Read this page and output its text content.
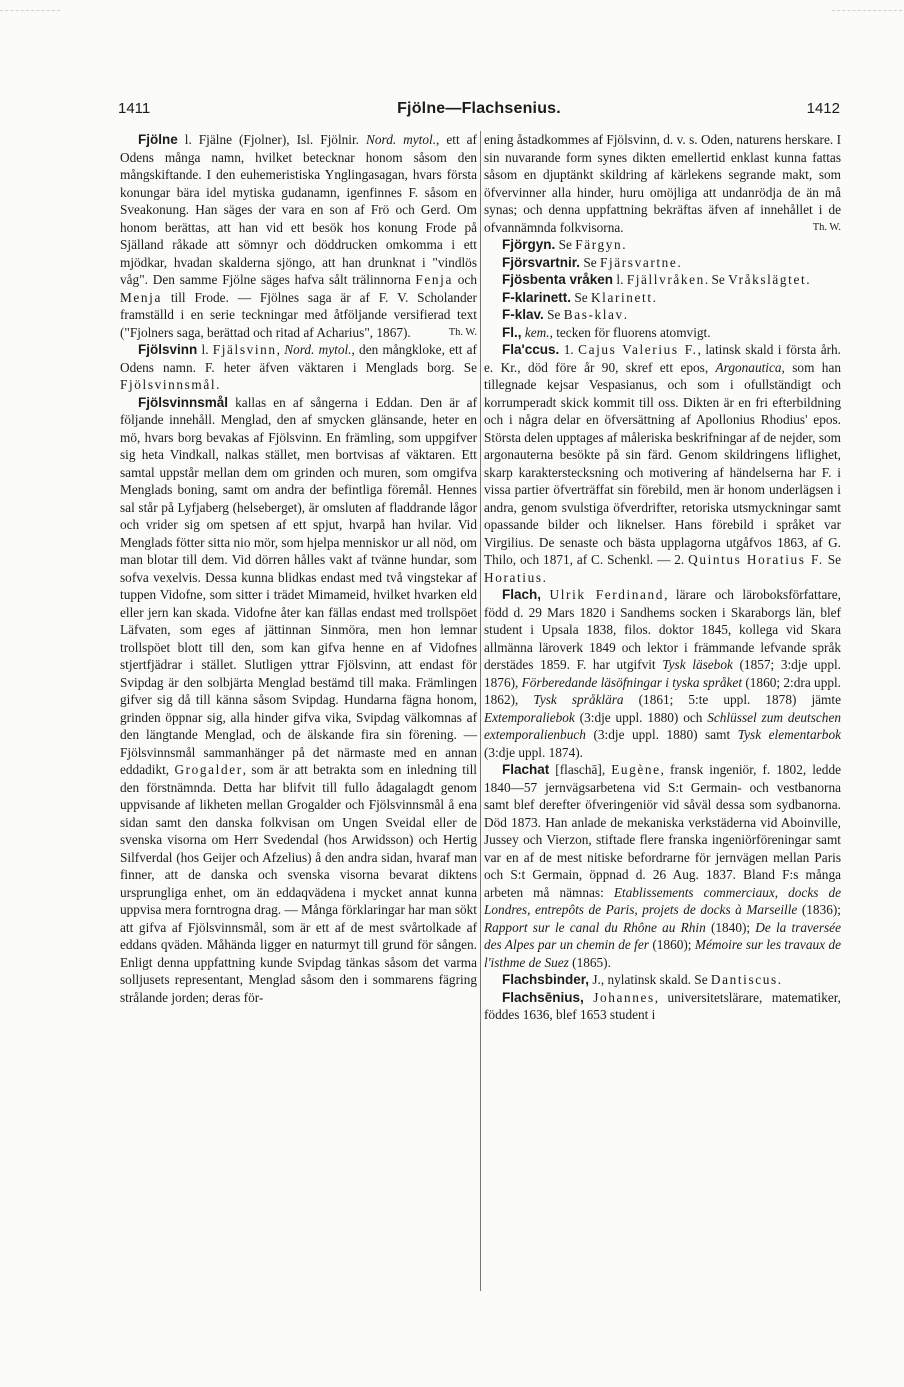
1411	Fjölne—Flachsenius.	1412

Fjölne l. Fjälne (Fjolner), Isl. Fjölnir. Nord. mytol., ett af Odens många namn, hvilket betecknar honom såsom den mångskiftande. I den euhemeristiska Ynglingasagan, hvars första konungar bära idel mytiska gudanamn, igenfinnes F. såsom en Sveakonung. Han säges der vara en son af Frö och Gerd. Om honom berättas, att han vid ett besök hos konung Frode på Själland råkade att sömnyr och döddrucken omkomma i ett mjödkar, hvadan skalderna sjöngo, att han drunknat i "vindlös våg". Den samme Fjölne säges hafva sålt trälinnorna Fenja och Menja till Frode. — Fjölnes saga är af F. V. Scholander framställd i en serie teckningar med åtföljande versifierad text ("Fjolners saga, berättad och ritad af Acharius", 1867).	Th. W.

Fjölsvinn l. Fjälsvinn, Nord. mytol., den mångkloke, ett af Odens namn. F. heter äfven väktaren i Menglads borg. Se Fjölsvinnsmål.

Fjölsvinnsmål kallas en af sångerna i Eddan. Den är af följande innehåll. Menglad, den af smycken glänsande, heter en mö, hvars borg bevakas af Fjölsvinn. En främling, som uppgifver sig heta Vindkall, nalkas stället, men bortvisas af väktaren. Ett samtal uppstår mellan dem om grinden och muren, som omgifva Menglads boning, samt om andra der befintliga föremål. Hennes sal står på Lyfjaberg (helseberget), är omsluten af fladdrande lågor och vrider sig om spetsen af ett spjut, hvarpå han hvilar. Vid Menglads fötter sitta nio mör, som hjelpa menniskor ur all nöd, om man blotar till dem. Vid dörren hålles vakt af tvänne hundar, som sofva vexelvis. Dessa kunna blidkas endast med två vingstekar af tuppen Vidofne, som sitter i trädet Mimameid, hvilket hvarken eld eller jern kan skada. Vidofne åter kan fällas endast med trollspöet Läfvaten, som eges af jättinnan Sinmöra, men hon lemnar trollspöet blott till den, som kan gifva henne en af Vidofnes stjertfjädrar i stället. Slutligen yttrar Fjölsvinn, att endast för Svipdag är den solbjärta Menglad bestämd till maka. Främlingen gifver sig då till känna såsom Svipdag. Hundarna fägna honom, grinden öppnar sig, alla hinder gifva vika, Svipdag välkomnas af den längtande Menglad, och de älskande fira sin förening. — Fjölsvinnsmål sammanhänger på det närmaste med en annan eddadikt, Grogalder, som är att betrakta som en inledning till den förstnämnda. Detta har blifvit till fullo ådagalagdt genom uppvisande af likheten mellan Grogalder och Fjölsvinnsmål å ena sidan samt den danska folkvisan om Ungen Sveidal eller de svenska visorna om Herr Svedendal (hos Arwidsson) och Hertig Silfverdal (hos Geijer och Afzelius) å den andra sidan, hvaraf man finner, att de danska och svenska visorna bevarat diktens ursprungliga enhet, om än eddaqvädena i mycket annat kunna uppvisa mera forntrogna drag. — Många förklaringar har man sökt att gifva af Fjölsvinnsmål, som är ett af de mest svårtolkade af eddans qväden. Måhända ligger en naturmyt till grund för sången. Enligt denna uppfattning kunde Svipdag tänkas såsom det varma solljusets representant, Menglad såsom den i sommarens fägring strålande jorden; deras för-

ening åstadkommes af Fjölsvinn, d. v. s. Oden, naturens herskare. I sin nuvarande form synes dikten emellertid enklast kunna fattas såsom en djuptänkt skildring af kärlekens segrande makt, som öfvervinner alla hinder, huru omöjliga att undanrödja de än må synas; och denna uppfattning bekräftas äfven af innehållet i de ofvannämnda folkvisorna.	Th. W.

Fjörgyn. Se Färgyn.

Fjörsvartnir. Se Fjärsvartne.

Fjösbenta vråken l. Fjällvråken. Se Vråkslägtet.

F-klarinett. Se Klarinett.

F-klav. Se Bas-klav.

Fl., kem., tecken för fluorens atomvigt.

Fla'ccus. 1. Cajus Valerius F., latinsk skald i första årh. e. Kr., död före år 90, skref ett epos, Argonautica, som han tillegnade kejsar Vespasianus, och som i ofullständigt och korrumperadt skick kommit till oss. Dikten är en fri efterbildning och i några delar en öfversättning af Apollonius Rhodius' epos. Största delen upptages af måleriska beskrifningar af de nejder, som argonauterna besökte på sin färd. Genom skildringens liflighet, skarp karakterstecksning och motivering af händelserna har F. i vissa partier öfverträffat sin förebild, men är honom underlägsen i andra, genom svulstiga öfverdrifter, retoriska utsmyckningar samt opassande bilder och liknelser. Hans förebild i språket var Virgilius. De senaste och bästa upplagorna utgåfvos 1863, af G. Thilo, och 1871, af C. Schenkl. — 2. Quintus Horatius F. Se Horatius.

Flach, Ulrik Ferdinand, lärare och läroboksförfattare, född d. 29 Mars 1820 i Sandhems socken i Skaraborgs län, blef student i Upsala 1838, filos. doktor 1845, kollega vid Skara allmänna läroverk 1849 och lektor i främmande lefvande språk derstädes 1859. F. har utgifvit Tysk läsebok (1857; 3:dje uppl. 1876), Förberedande läsöfningar i tyska språket (1860; 2:dra uppl. 1862), Tysk språklära (1861; 5:te uppl. 1878) jämte Extemporaliebok (3:dje uppl. 1880) och Schlüssel zum deutschen extemporalienbuch (3:dje uppl. 1880) samt Tysk elementarbok (3:dje uppl. 1874).

Flachat [flaschā], Eugène, fransk ingeniör, f. 1802, ledde 1840—57 jernvägsarbetena vid S:t Germain- och vestbanorna samt blef derefter öfveringeniör vid såväl dessa som sydbanorna. Död 1873. Han anlade de mekaniska verkstäderna vid Aboinville, Jussey och Vierzon, stiftade flere franska ingeniörföreningar samt var en af de mest nitiske befordrarne för jernvägen mellan Paris och S:t Germain, öppnad d. 26 Aug. 1837. Bland F:s många arbeten må nämnas: Etablissements commerciaux, docks de Londres, entrepôts de Paris, projets de docks à Marseille (1836); Rapport sur le canal du Rhône au Rhin (1840); De la traversée des Alpes par un chemin de fer (1860); Mémoire sur les travaux de l'isthme de Suez (1865).

Flachsbinder, J., nylatinsk skald. Se Dantiscus.

Flachsēnius, Johannes, universitetslärare, matematiker, föddes 1636, blef 1653 student i
